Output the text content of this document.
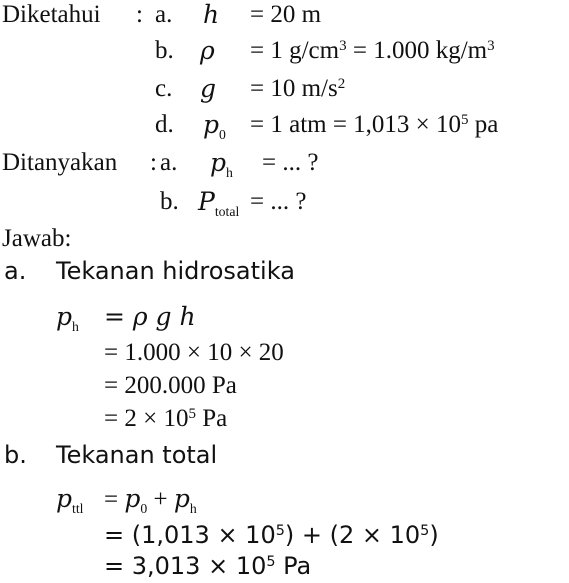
Diketahui : a. h = 20 m
b. ρ = 1 $g/cm^3 = 1.000$ $kg/m^3$
c. g = 10 $m/s^2$
d. $p_0 = 1$ atm = $1,013 \times 10^5$ pa
Ditanyakan : a. $p_h$ = ... ?
b. $P_{total}$ = ... ?
Jawab:
a. Tekanan hidrosatika
$p_h = \rho$ g h
= 1.000 × 10 × 20
= 200.000 Pa
= $2 \times 10^5$ Pa
b. Tekanan total
$p_{ttl} = p_0 + p_h$
= $(1,013 \times 10^5) + (2 \times 10^5)$
= $3,013 \times 10^5$ Pa
